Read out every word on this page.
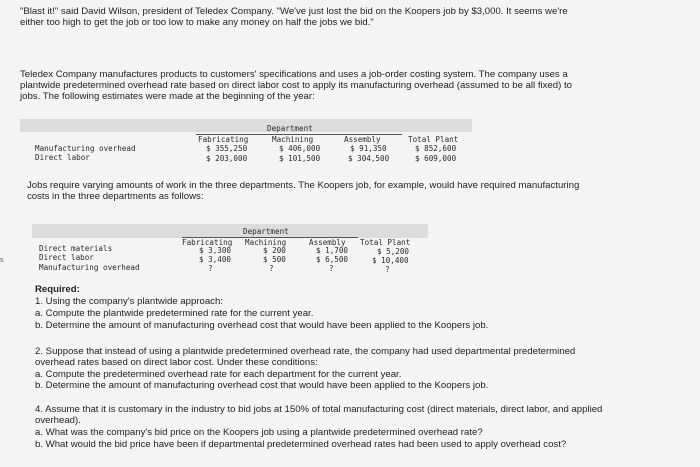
"Blast it!" said David Wilson, president of Teledex Company. "We've just lost the bid on the Koopers job by $3,000. It seems we're

either too high to get the job or too low to make any money on half the jobs we bid."

Teledex Company manufactures products to customers' specifications and uses a job-order costing system. The company uses a

plantwide predetermined overhead rate based on direct labor cost to apply its manufacturing overhead (assumed to be all fixed) to

jobs. The following estimates were made at the beginning of the year:

Department
Fabricating	Machining	Assembly	Total Plant
Manufacturing overhead	$ 355,250	$ 406,000	$ 91,350	$ 852,600
Direct labor	$ 203,000	$ 101,500	$ 304,500	$ 609,000

Jobs require varying amounts of work in the three departments. The Koopers job, for example, would have required manufacturing

costs in the three departments as follows:

Department
Fabricating Machining	Assembly Total Plant
Direct materials	$ 3,300	$ 200	$ 1,700	$ 5,200
Direct labor	$ 3,400	$ 500	$ 6,500	$ 10,400
Manufacturing overhead	?	?	?	?
s

Required:

1. Using the company's plantwide approach:

a. Compute the plantwide predetermined rate for the current year.

b. Determine the amount of manufacturing overhead cost that would have been applied to the Koopers job.

2. Suppose that instead of using a plantwide predetermined overhead rate, the company had used departmental predetermined

overhead rates based on direct labor cost. Under these conditions:

a. Compute the predetermined overhead rate for each department for the current year.

b. Determine the amount of manufacturing overhead cost that would have been applied to the Koopers job.

4. Assume that it is customary in the industry to bid jobs at 150% of total manufacturing cost (direct materials, direct labor, and applied

overhead).

a. What was the company's bid price on the Koopers job using a plantwide predetermined overhead rate?

b. What would the bid price have been if departmental predetermined overhead rates had been used to apply overhead cost?
